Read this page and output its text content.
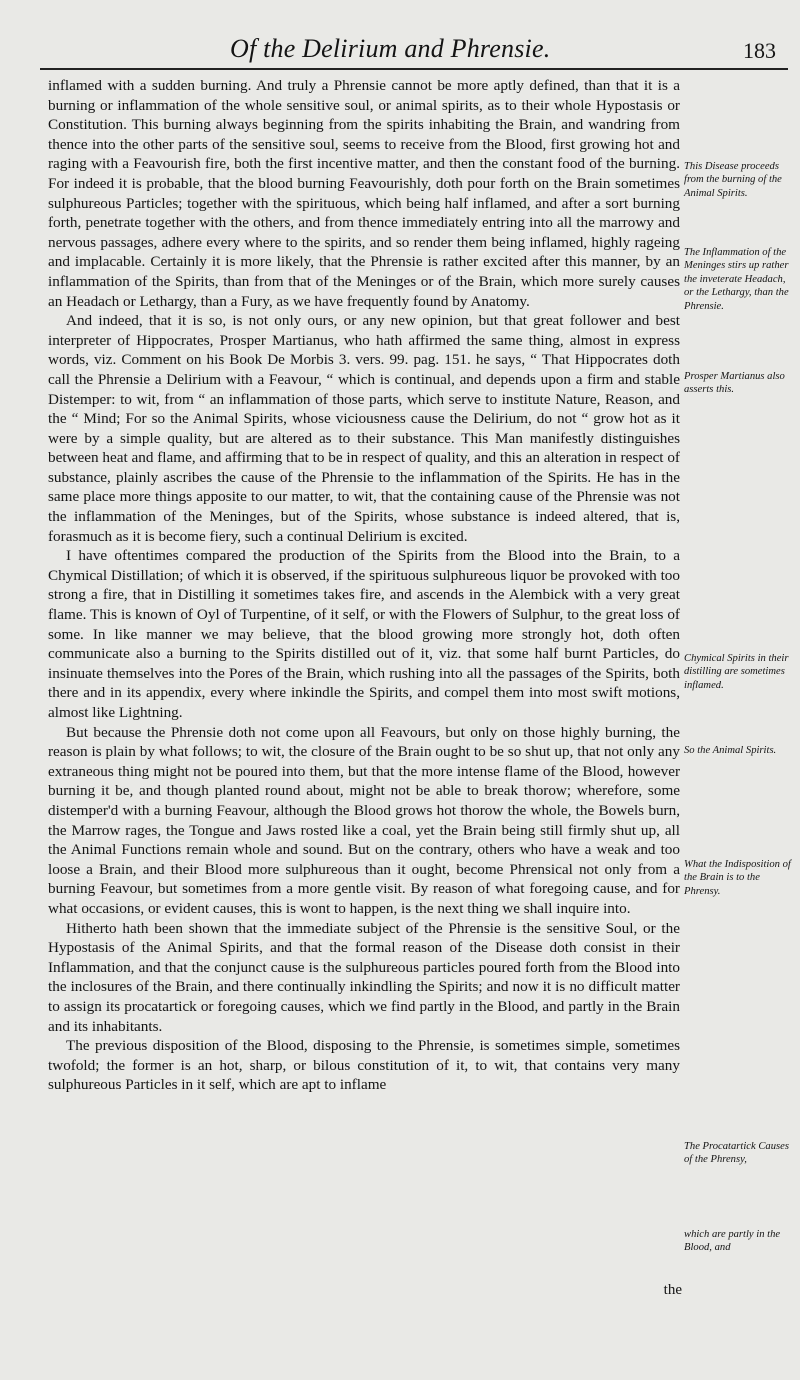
Of the Delirium and Phrensie.	183

inflamed with a sudden burning. And truly a Phrensie cannot be more aptly defined, than that it is a burning or inflammation of the whole sensitive soul, or animal spirits, as to their whole Hypostasis or Constitution. This burning always beginning from the spirits inhabiting the Brain, and wandring from thence into the other parts of the sensitive soul, seems to receive from the Blood, first growing hot and raging with a Feavourish fire, both the first incentive matter, and then the constant food of the burning. For indeed it is probable, that the blood burning Feavourishly, doth pour forth on the Brain sometimes sulphureous Particles; together with the spirituous, which being half inflamed, and after a sort burning forth, penetrate together with the others, and from thence immediately entring into all the marrowy and nervous passages, adhere every where to the spirits, and so render them being inflamed, highly rageing and implacable. Certainly it is more likely, that the Phrensie is rather excited after this manner, by an inflammation of the Spirits, than from that of the Meninges or of the Brain, which more surely causes an Headach or Lethargy, than a Fury, as we have frequently found by Anatomy.

And indeed, that it is so, is not only ours, or any new opinion, but that great follower and best interpreter of Hippocrates, Prosper Martianus, who hath affirmed the same thing, almost in express words, viz. Comment on his Book De Morbis 3. vers. 99. pag. 151. he says, “ That Hippocrates doth call the Phrensie a Delirium with a Feavour, “ which is continual, and depends upon a firm and stable Distemper: to wit, from “ an inflammation of those parts, which serve to institute Nature, Reason, and the “ Mind; For so the Animal Spirits, whose viciousness cause the Delirium, do not “ grow hot as it were by a simple quality, but are altered as to their substance. This Man manifestly distinguishes between heat and flame, and affirming that to be in respect of quality, and this an alteration in respect of substance, plainly ascribes the cause of the Phrensie to the inflammation of the Spirits. He has in the same place more things apposite to our matter, to wit, that the containing cause of the Phrensie was not the inflammation of the Meninges, but of the Spirits, whose substance is indeed altered, that is, forasmuch as it is become fiery, such a continual Delirium is excited.

I have oftentimes compared the production of the Spirits from the Blood into the Brain, to a Chymical Distillation; of which it is observed, if the spirituous sulphureous liquor be provoked with too strong a fire, that in Distilling it sometimes takes fire, and ascends in the Alembick with a very great flame. This is known of Oyl of Turpentine, of it self, or with the Flowers of Sulphur, to the great loss of some. In like manner we may believe, that the blood growing more strongly hot, doth often communicate also a burning to the Spirits distilled out of it, viz. that some half burnt Particles, do insinuate themselves into the Pores of the Brain, which rushing into all the passages of the Spirits, both there and in its appendix, every where inkindle the Spirits, and compel them into most swift motions, almost like Lightning.

But because the Phrensie doth not come upon all Feavours, but only on those highly burning, the reason is plain by what follows; to wit, the closure of the Brain ought to be so shut up, that not only any extraneous thing might not be poured into them, but that the more intense flame of the Blood, however burning it be, and though planted round about, might not be able to break thorow; wherefore, some distemper'd with a burning Feavour, although the Blood grows hot thorow the whole, the Bowels burn, the Marrow rages, the Tongue and Jaws rosted like a coal, yet the Brain being still firmly shut up, all the Animal Functions remain whole and sound. But on the contrary, others who have a weak and too loose a Brain, and their Blood more sulphureous than it ought, become Phrensical not only from a burning Feavour, but sometimes from a more gentle visit. By reason of what foregoing cause, and for what occasions, or evident causes, this is wont to happen, is the next thing we shall inquire into.

Hitherto hath been shown that the immediate subject of the Phrensie is the sensitive Soul, or the Hypostasis of the Animal Spirits, and that the formal reason of the Disease doth consist in their Inflammation, and that the conjunct cause is the sulphureous particles poured forth from the Blood into the inclosures of the Brain, and there continually inkindling the Spirits; and now it is no difficult matter to assign its procatartick or foregoing causes, which we find partly in the Blood, and partly in the Brain and its inhabitants.

The previous disposition of the Blood, disposing to the Phrensie, is sometimes simple, sometimes twofold; the former is an hot, sharp, or bilous constitution of it, to wit, that contains very many sulphureous Particles in it self, which are apt to inflame

the
This Disease proceeds from the burning of the Animal Spirits.
The Inflammation of the Meninges stirs up rather the inveterate Headach, or the Lethargy, than the Phrensie.
Prosper Martianus also asserts this.
Chymical Spirits in their distilling are sometimes inflamed.
So the Animal Spirits.
What the Indisposition of the Brain is to the Phrensy.
The Procatartick Causes of the Phrensy,
which are partly in the Blood, and
